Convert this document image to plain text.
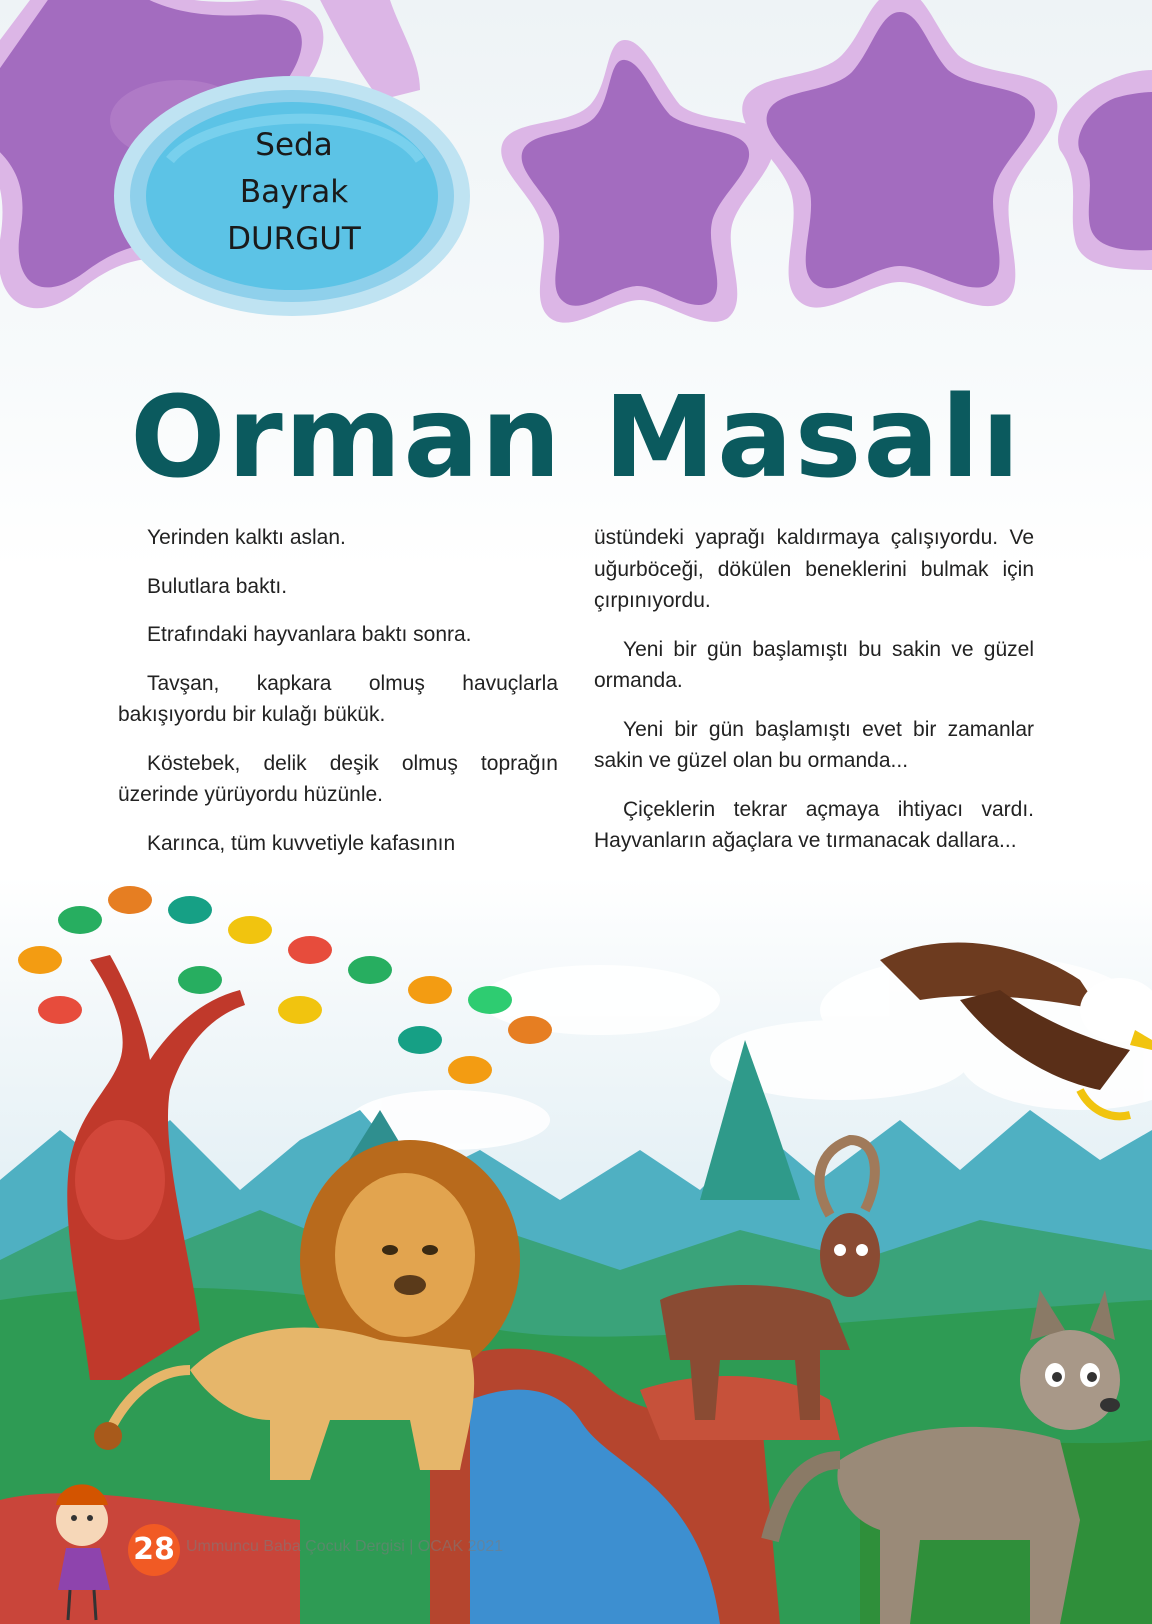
Seda
Bayrak
DURGUT
Orman Masalı

Yerinden kalktı aslan.

Bulutlara baktı.

Etrafındaki hayvanlara baktı sonra.

Tavşan, kapkara olmuş havuçlarla bakışıyordu bir kulağı bükük.

Köstebek, delik deşik olmuş toprağın üzerinde yürüyordu hüzünle.

Karınca, tüm kuvvetiyle kafasının

üstündeki yaprağı kaldırmaya çalışıyordu. Ve uğurböceği, dökülen beneklerini bulmak için çırpınıyordu.

Yeni bir gün başlamıştı bu sakin ve güzel ormanda.

Yeni bir gün başlamıştı evet bir zamanlar sakin ve güzel olan bu ormanda...

Çiçeklerin tekrar açmaya ihtiyacı vardı. Hayvanların ağaçlara ve tırmanacak dallara...

28 Ummuncu Baba Çocuk Dergisi | OCAK 2021
